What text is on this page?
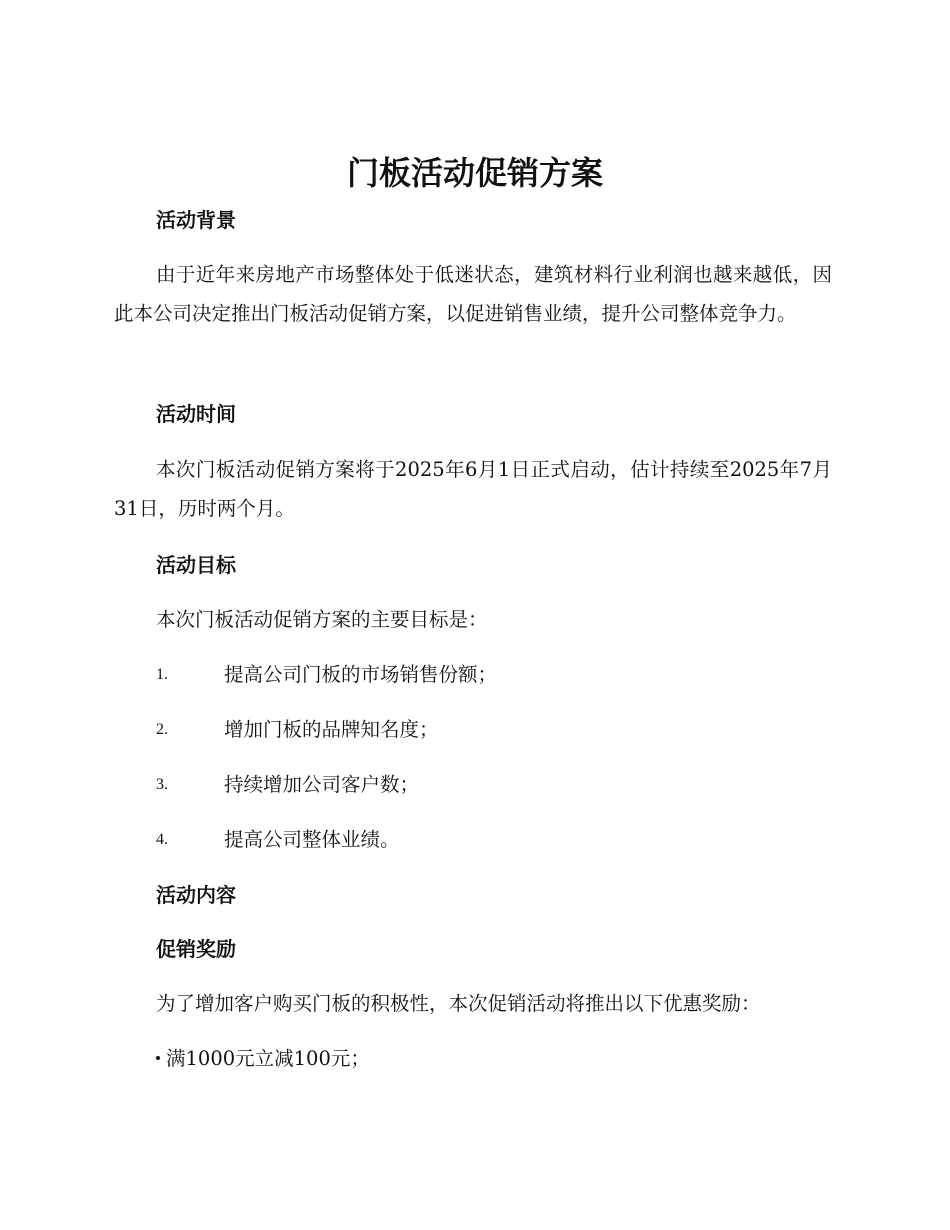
门板活动促销方案
活动背景

由于近年来房地产市场整体处于低迷状态，建筑材料行业利润也越来越低，因此本公司决定推出门板活动促销方案，以促进销售业绩，提升公司整体竞争力。

活动时间

本次门板活动促销方案将于2025年6月1日正式启动，估计持续至2025年7月31日，历时两个月。

活动目标

本次门板活动促销方案的主要目标是：

1.	提高公司门板的市场销售份额；
2.	增加门板的品牌知名度；
3.	持续增加公司客户数；
4.	提高公司整体业绩。
活动内容
促销奖励

为了增加客户购买门板的积极性，本次促销活动将推出以下优惠奖励：

满1000元立减100元；
